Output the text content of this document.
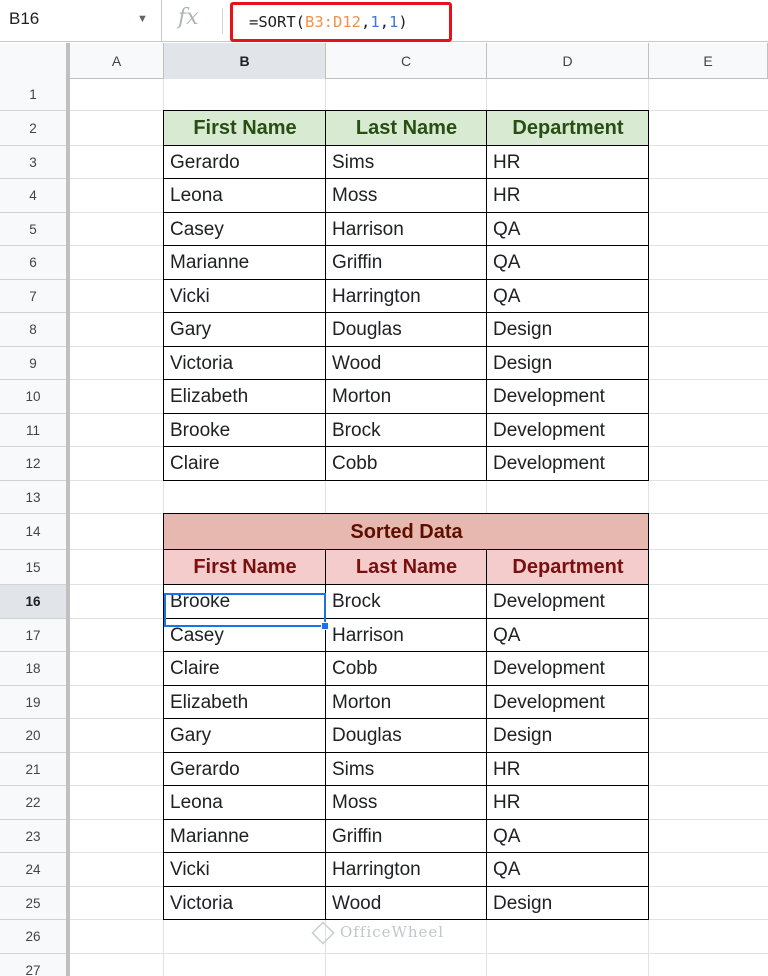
B16	▼ fx	=SORT(B3:D12,1,1)
A	B	C	D	E
1
2
3
4
5
6
7
8
9
10
11
12
13
14
15
16
17
18
19
20
21
22
23
24
25
26
27
First Name	Last Name	Department
Gerardo	Sims	HR
Leona	Moss	HR
Casey	Harrison	QA
Marianne	Griffin	QA
Vicki	Harrington	QA
Gary	Douglas	Design
Victoria	Wood	Design
Elizabeth	Morton	Development
Brooke	Brock	Development
Claire	Cobb	Development
Sorted Data
First Name	Last Name	Department
Brooke	Brock	Development
Casey	Harrison	QA
Claire	Cobb	Development
Elizabeth	Morton	Development
Gary	Douglas	Design
Gerardo	Sims	HR
Leona	Moss	HR
Marianne	Griffin	QA
Vicki	Harrington	QA
Victoria	Wood	Design
OfficeWheel
